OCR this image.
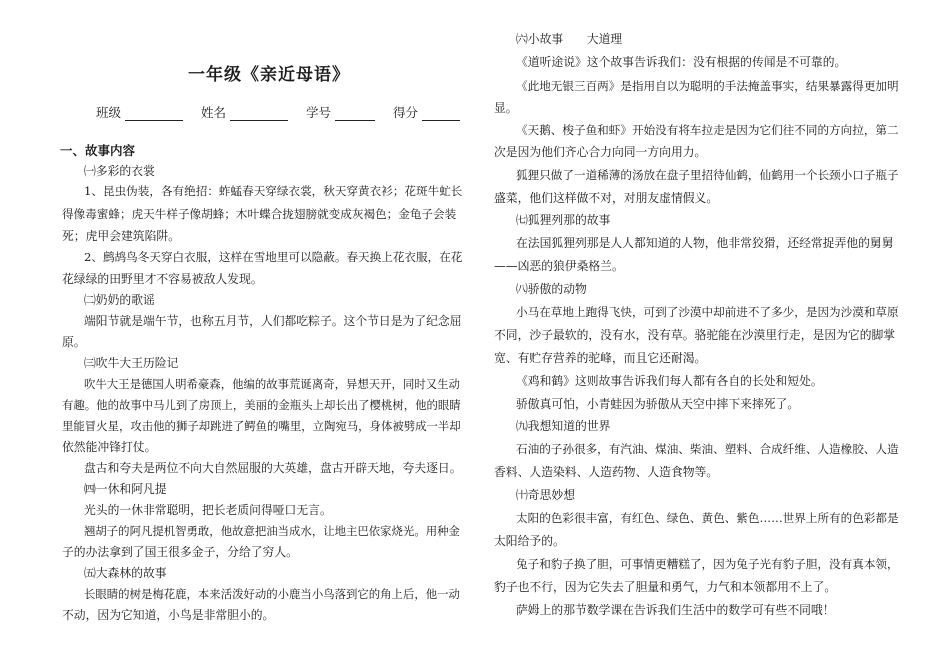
一年级《亲近母语》
班级	姓名	学号	得分
一、故事内容
㈠多彩的衣裳
1、昆虫伪装，各有绝招：蚱蜢春天穿绿衣裳，秋天穿黄衣衫；花斑牛虻长
得像毒蜜蜂；虎天牛样子像胡蜂；木叶蝶合拢翅膀就变成灰褐色；金龟子会装
死；虎甲会建筑陷阱。
2、鹧鸪鸟冬天穿白衣服，这样在雪地里可以隐蔽。春天换上花衣服，在花
花绿绿的田野里才不容易被敌人发现。
㈡奶奶的歌谣
端阳节就是端午节，也称五月节，人们都吃粽子。这个节日是为了纪念屈
原。
㈢吹牛大王历险记
吹牛大王是德国人明希豪森，他编的故事荒诞离奇，异想天开，同时又生动
有趣。他的故事中马儿到了房顶上，美丽的金瓶头上却长出了樱桃树，他的眼睛
里能冒火星，攻击他的狮子却跳进了鳄鱼的嘴里，立陶宛马，身体被劈成一半却
依然能冲锋打仗。
盘古和夸夫是两位不向大自然屈服的大英雄，盘古开辟天地，夸夫逐日。
㈣一休和阿凡提
光头的一休非常聪明，把长老质问得哑口无言。
翘胡子的阿凡提机智勇敢，他故意把油当成水，让地主巴依家烧光。用种金
子的办法拿到了国王很多金子，分给了穷人。
㈤大森林的故事
长眼睛的树是梅花鹿，本来活泼好动的小鹿当小鸟落到它的角上后，他一动
不动，因为它知道，小鸟是非常胆小的。
㈥小故事　　大道理
《道听途说》这个故事告诉我们：没有根据的传闻是不可靠的。
《此地无银三百两》是指用自以为聪明的手法掩盖事实，结果暴露得更加明
显。
《天鹅、梭子鱼和虾》开始没有将车拉走是因为它们往不同的方向拉，第二
次是因为他们齐心合力向同一方向用力。
狐狸只做了一道稀薄的汤放在盘子里招待仙鹤，仙鹤用一个长颈小口子瓶子
盛菜，他们这样做不对，对朋友虚情假义。
㈦狐狸列那的故事
在法国狐狸列那是人人都知道的人物，他非常狡猾，还经常捉弄他的舅舅
——凶恶的狼伊桑格兰。
㈧骄傲的动物
小马在草地上跑得飞快，可到了沙漠中却前进不了多少，是因为沙漠和草原
不同，沙子最软的，没有水，没有草。骆驼能在沙漠里行走，是因为它的脚掌
宽、有贮存营养的驼峰，而且它还耐渴。
《鸡和鹤》这则故事告诉我们每人都有各自的长处和短处。
骄傲真可怕，小青蛙因为骄傲从天空中摔下来摔死了。
㈨我想知道的世界
石油的子孙很多，有汽油、煤油、柴油、塑料、合成纤维、人造橡胶、人造
香料、人造染料、人造药物、人造食物等。
㈩奇思妙想
太阳的色彩很丰富，有红色、绿色、黄色、紫色……世界上所有的色彩都是
太阳给予的。
兔子和豹子换了胆，可事情更糟糕了，因为兔子光有豹子胆，没有真本领，
豹子也不行，因为它失去了胆量和勇气，力气和本领都用不上了。
萨姆上的那节数学课在告诉我们生活中的数学可有些不同哦！
